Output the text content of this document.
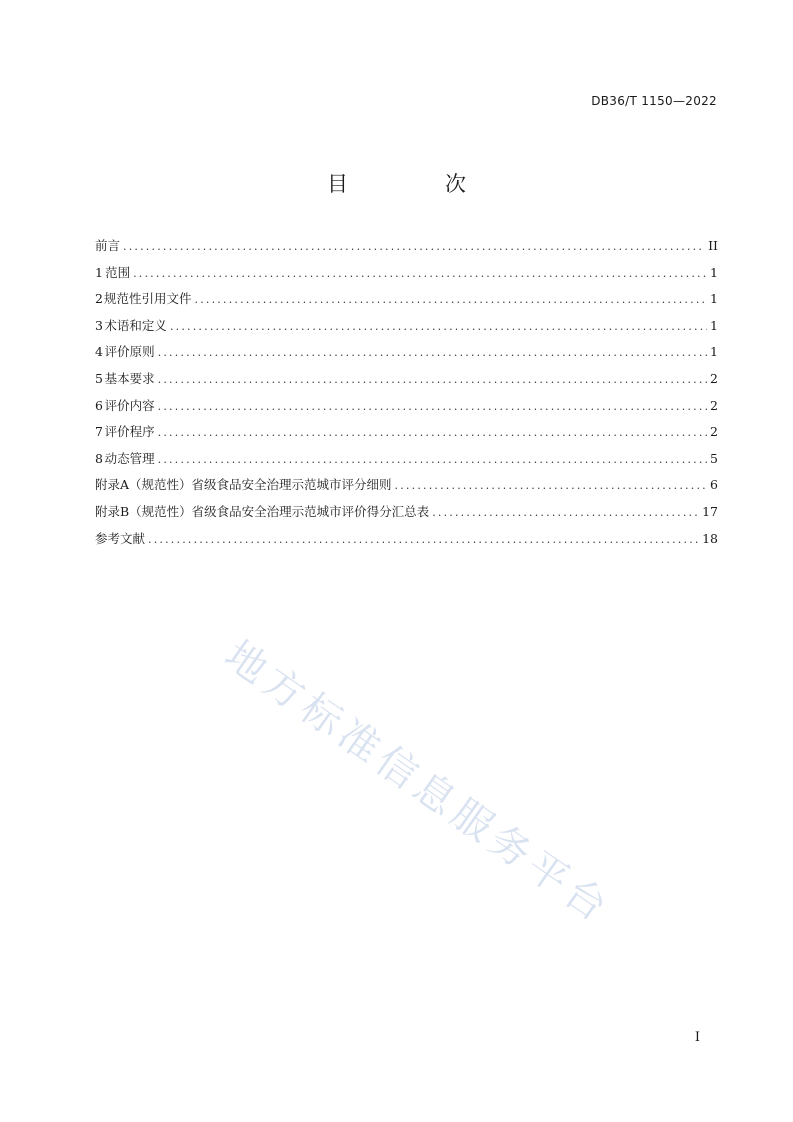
DB36/T 1150—2022
目　次
前言 .....	II
1 范围 .....	1
2 规范性引用文件 .....	1
3 术语和定义 .....	1
4 评价原则 .....	1
5 基本要求 .....	2
6 评价内容 .....	2
7 评价程序 .....	2
8 动态管理 .....	5
附录A（规范性）省级食品安全治理示范城市评分细则 .....	6
附录B（规范性）省级食品安全治理示范城市评价得分汇总表 .....	17
参考文献 .....	18
地方标准信息服务平台
I
